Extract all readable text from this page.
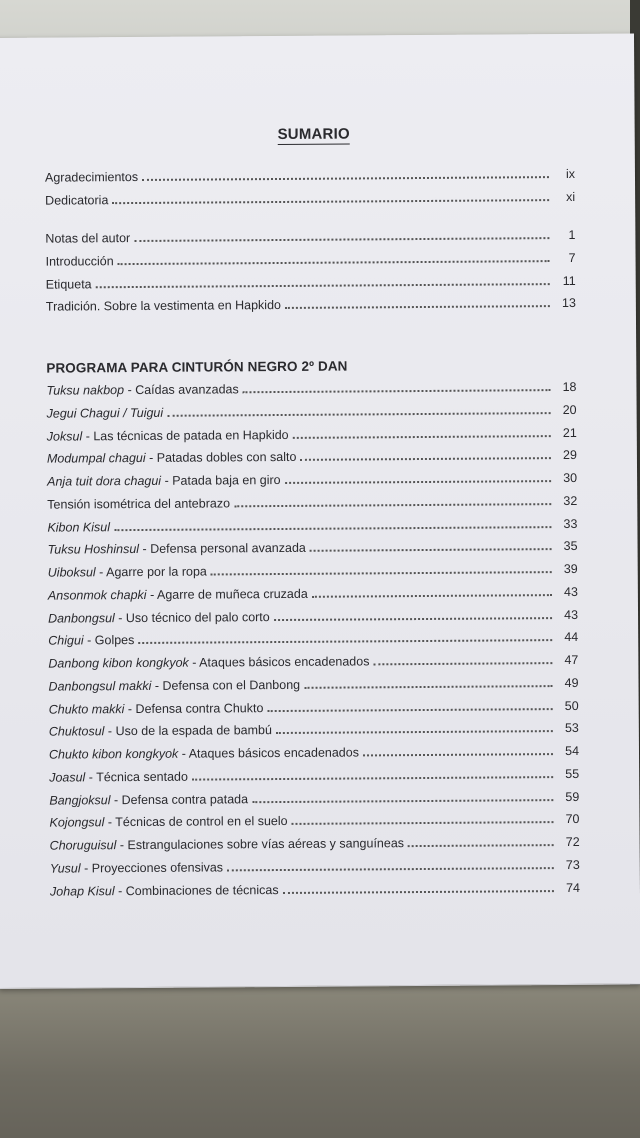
SUMARIO
Agradecimientos	ix
Dedicatoria	xi
Notas del autor	1
Introducción	7
Etiqueta	11
Tradición. Sobre la vestimenta en Hapkido	13
PROGRAMA PARA CINTURÓN NEGRO 2º DAN
Tuksu nakbop - Caídas avanzadas	18
Jegui Chagui / Tuigui	20
Joksul - Las técnicas de patada en Hapkido	21
Modumpal chagui - Patadas dobles con salto	29
Anja tuit dora chagui - Patada baja en giro	30
Tensión isométrica del antebrazo	32
Kibon Kisul	33
Tuksu Hoshinsul - Defensa personal avanzada	35
Uiboksul - Agarre por la ropa	39
Ansonmok chapki - Agarre de muñeca cruzada	43
Danbongsul - Uso técnico del palo corto	43
Chigui - Golpes	44
Danbong kibon kongkyok - Ataques básicos encadenados	47
Danbongsul makki - Defensa con el Danbong	49
Chukto makki - Defensa contra Chukto	50
Chuktosul - Uso de la espada de bambú	53
Chukto kibon kongkyok - Ataques básicos encadenados	54
Joasul - Técnica sentado	55
Bangjoksul - Defensa contra patada	59
Kojongsul - Técnicas de control en el suelo	70
Choruguisul - Estrangulaciones sobre vías aéreas y sanguíneas	72
Yusul - Proyecciones ofensivas	73
Johap Kisul - Combinaciones de técnicas	74
